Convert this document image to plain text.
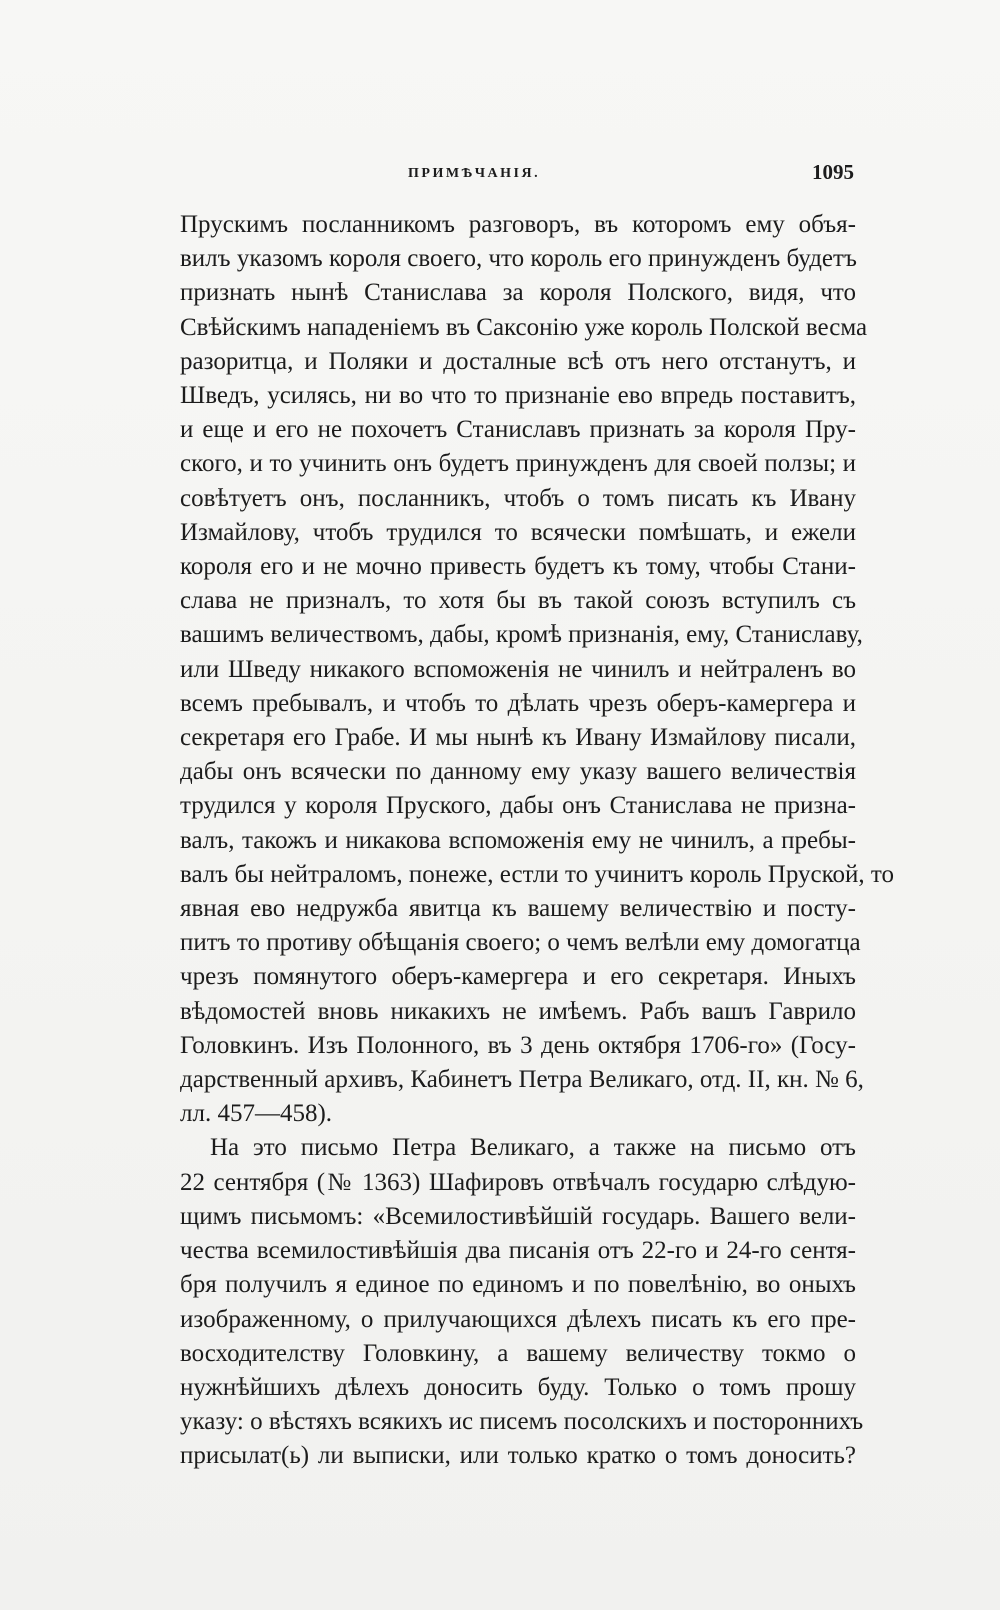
ПРИМѢЧАНІЯ.	1095
Прускимъ посланникомъ разговоръ, въ которомъ ему объя-
вилъ указомъ короля своего, что король его принужденъ будетъ
признать нынѣ Станислава за короля Полского, видя, что
Свѣйскимъ нападеніемъ въ Саксонію уже король Полской весма
разоритца, и Поляки и досталные всѣ отъ него отстанутъ, и
Шведъ, усилясь, ни во что то признаніе ево впредь поставитъ,
и еще и его не похочетъ Станиславъ признать за короля Пру-
ского, и то учинить онъ будетъ принужденъ для своей ползы; и
совѣтуетъ онъ, посланникъ, чтобъ о томъ писать къ Ивану
Измайлову, чтобъ трудился то всячески помѣшать, и ежели
короля его и не мочно привесть будетъ къ тому, чтобы Стани-
слава не призналъ, то хотя бы въ такой союзъ вступилъ съ
вашимъ величествомъ, дабы, кромѣ признанія, ему, Станиславу,
или Шведу никакого вспоможенія не чинилъ и нейтраленъ во
всемъ пребывалъ, и чтобъ то дѣлать чрезъ оберъ-камергера и
секретаря его Грабе. И мы нынѣ къ Ивану Измайлову писали,
дабы онъ всячески по данному ему указу вашего величествія
трудился у короля Пруского, дабы онъ Станислава не призна-
валъ, такожъ и никакова вспоможенія ему не чинилъ, а пребы-
валъ бы нейтраломъ, понеже, естли то учинитъ король Пруской, то
явная ево недружба явитца къ вашему величествію и посту-
питъ то противу обѣщанія своего; о чемъ велѣли ему домогатца
чрезъ помянутого оберъ-камергера и его секретаря. Иныхъ
вѣдомостей вновь никакихъ не имѣемъ. Рабъ вашъ Гаврило
Головкинъ. Изъ Полонного, въ 3 день октября 1706-го» (Госу-
дарственный архивъ, Кабинетъ Петра Великаго, отд. II, кн. № 6,
лл. 457—458).
На это письмо Петра Великаго, а также на письмо отъ
22 сентября (№ 1363) Шафировъ отвѣчалъ государю слѣдую-
щимъ письмомъ: «Всемилостивѣйшій государь. Вашего вели-
чества всемилостивѣйшія два писанія отъ 22-го и 24-го сентя-
бря получилъ я единое по единомъ и по повелѣнію, во оныхъ
изображенному, о прилучающихся дѣлехъ писать къ его пре-
восходителству Головкину, а вашему величеству токмо о
нужнѣйшихъ дѣлехъ доносить буду. Только о томъ прошу
указу: о вѣстяхъ всякихъ ис писемъ посолскихъ и постороннихъ
присылат(ь) ли выписки, или только кратко о томъ доносить?
